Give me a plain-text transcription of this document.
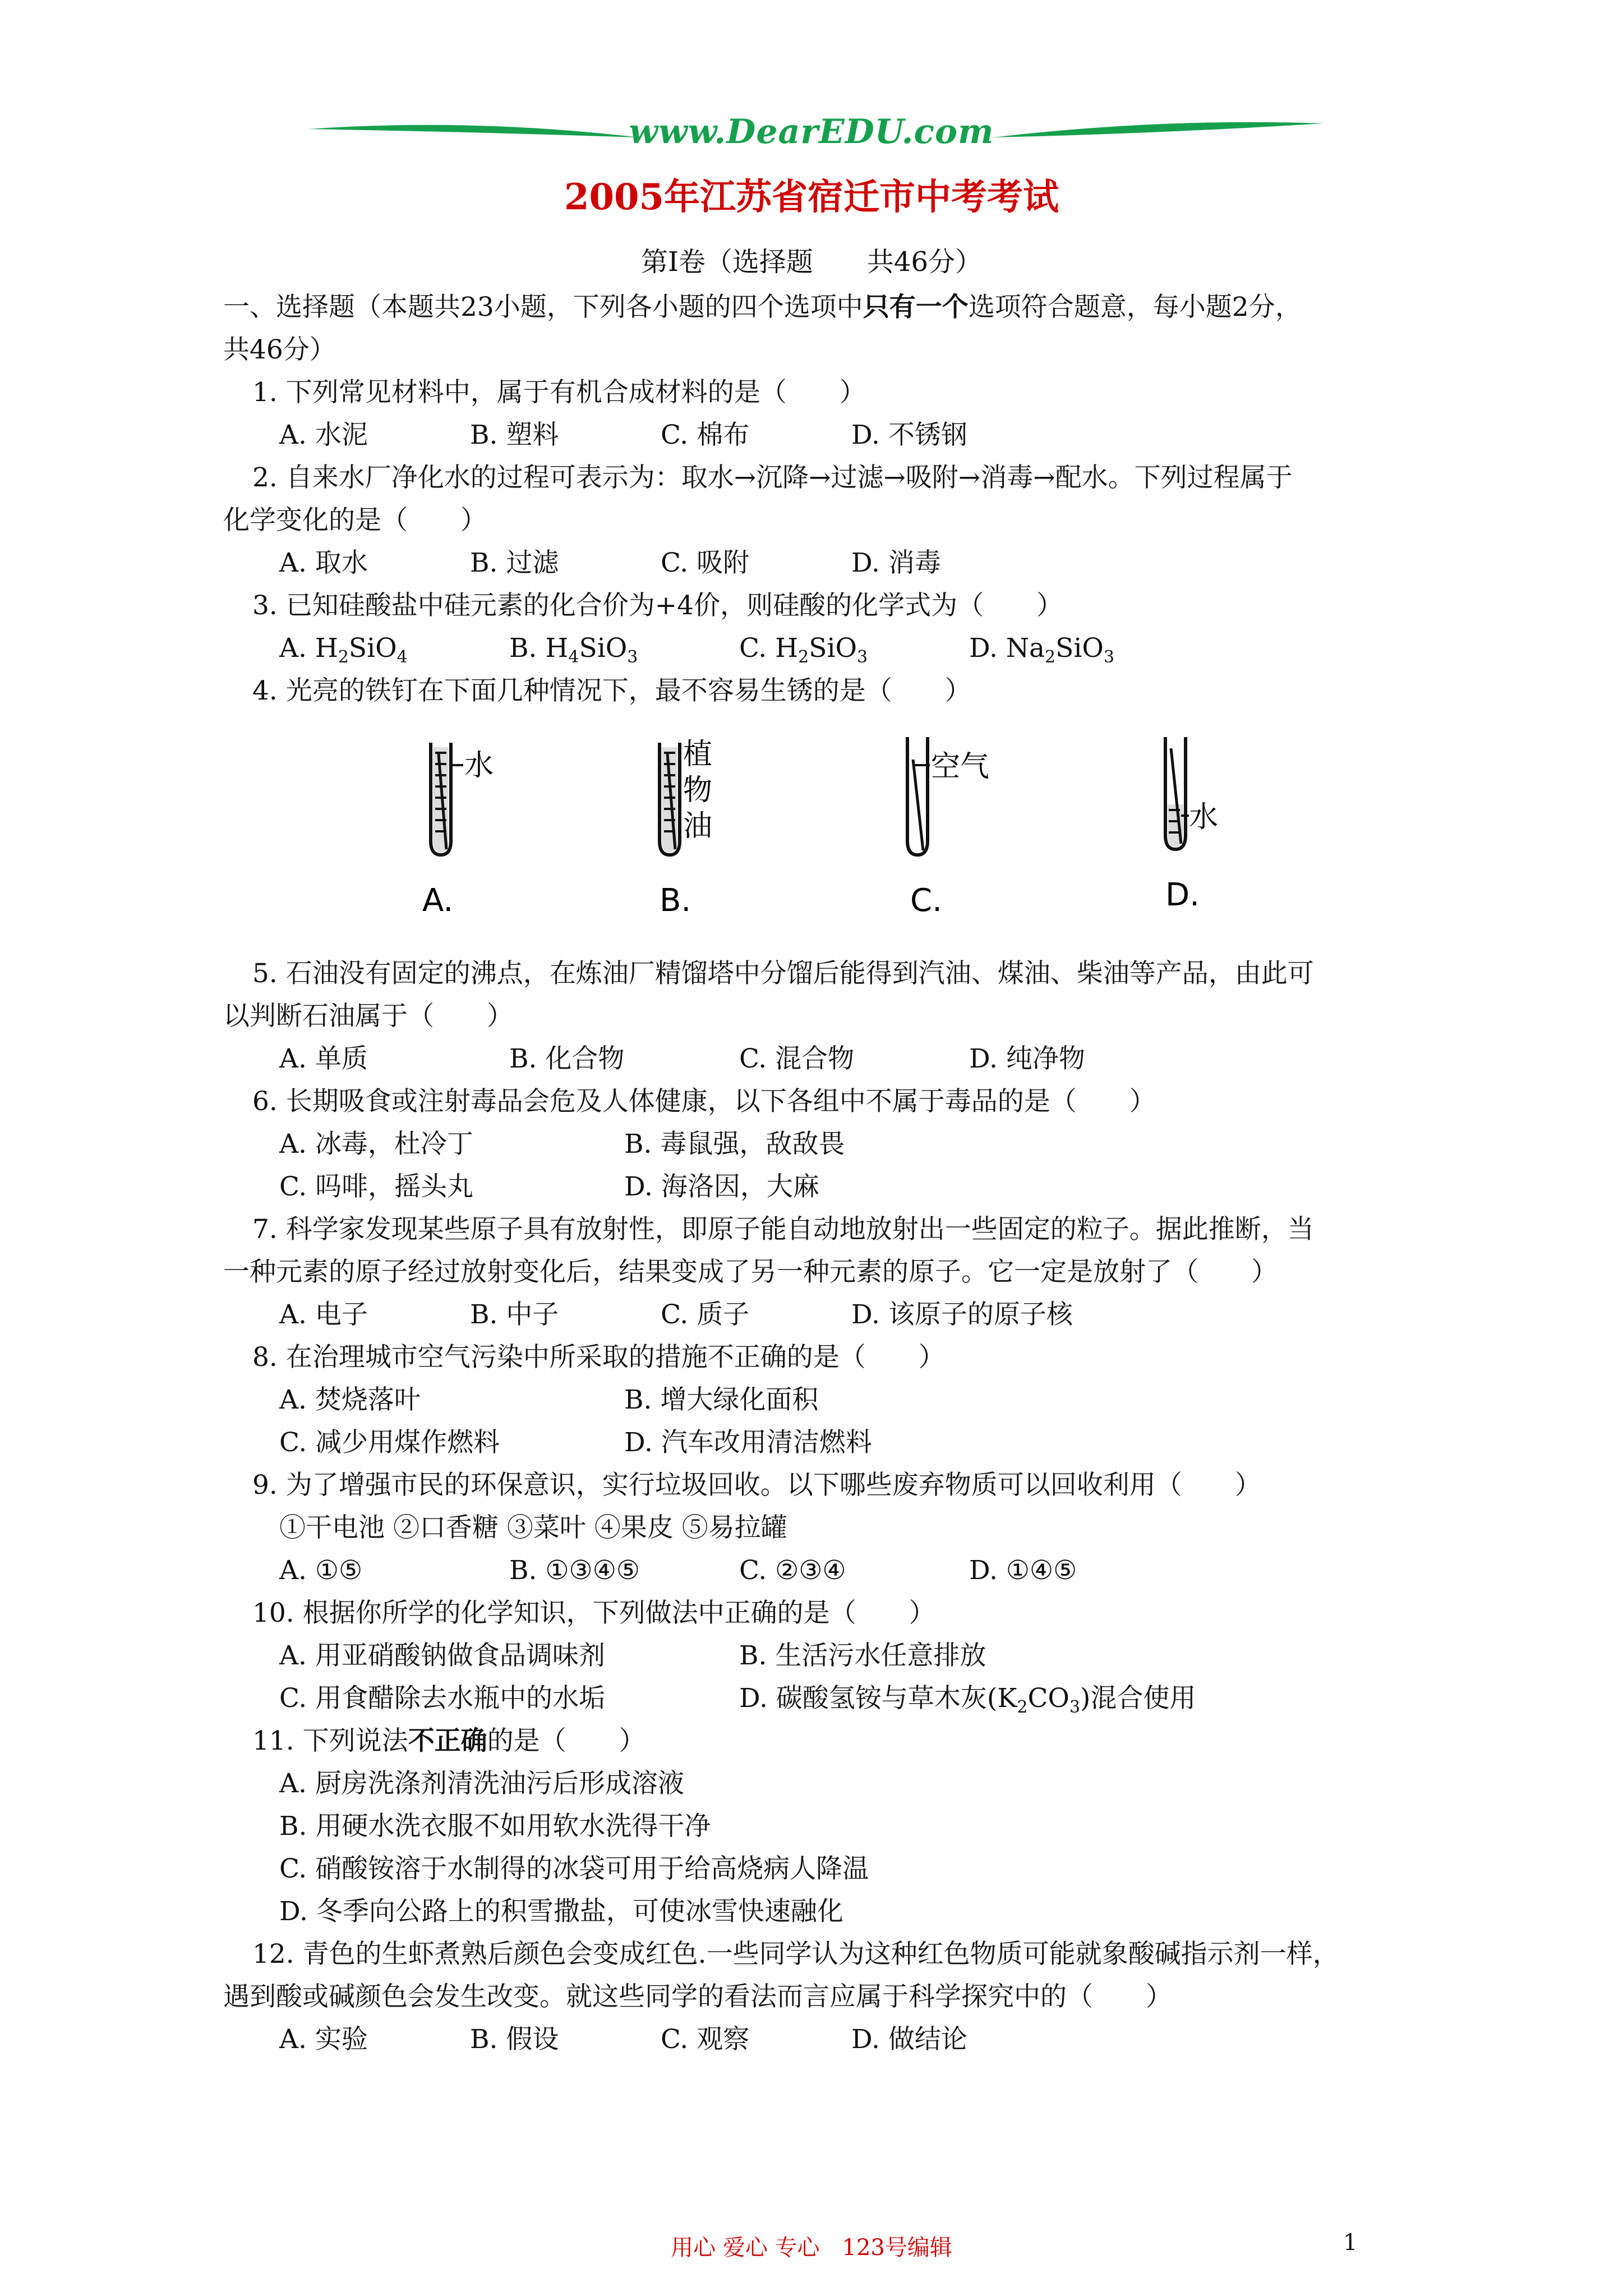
www.DearEDU.com
2005年江苏省宿迁市中考考试
第I卷（选择题　　共46分）
一、选择题（本题共23小题，下列各小题的四个选项中只有一个选项符合题意，每小题2分，
共46分）
1. 下列常见材料中，属于有机合成材料的是（　　）
A. 水泥	B. 塑料	C. 棉布	D. 不锈钢
2. 自来水厂净化水的过程可表示为：取水→沉降→过滤→吸附→消毒→配水。下列过程属于
化学变化的是（　　）
A. 取水	B. 过滤	C. 吸附	D. 消毒
3. 已知硅酸盐中硅元素的化合价为+4价，则硅酸的化学式为（　　）
A. $H_2SiO_4$	B. $H_4SiO_3$	C. $H_2SiO_3$	D. $Na_2SiO_3$
4. 光亮的铁钉在下面几种情况下，最不容易生锈的是（　　）
水
A.
植
物
油
B.
空气
C.
水
D.
5. 石油没有固定的沸点，在炼油厂精馏塔中分馏后能得到汽油、煤油、柴油等产品，由此可
以判断石油属于（　　）
A. 单质	B. 化合物	C. 混合物	D. 纯净物
6. 长期吸食或注射毒品会危及人体健康，以下各组中不属于毒品的是（　　）
A. 冰毒，杜冷丁	B. 毒鼠强，敌敌畏
C. 吗啡，摇头丸	D. 海洛因，大麻
7. 科学家发现某些原子具有放射性，即原子能自动地放射出一些固定的粒子。据此推断，当
一种元素的原子经过放射变化后，结果变成了另一种元素的原子。它一定是放射了（　　）
A. 电子	B. 中子	C. 质子	D. 该原子的原子核
8. 在治理城市空气污染中所采取的措施不正确的是（　　）
A. 焚烧落叶	B. 增大绿化面积
C. 减少用煤作燃料	D. 汽车改用清洁燃料
9. 为了增强市民的环保意识，实行垃圾回收。以下哪些废弃物质可以回收利用（　　）
①干电池 ②口香糖 ③菜叶 ④果皮 ⑤易拉罐
A. ①⑤	B. ①③④⑤	C. ②③④	D. ①④⑤
10. 根据你所学的化学知识，下列做法中正确的是（　　）
A. 用亚硝酸钠做食品调味剂	B. 生活污水任意排放
C. 用食醋除去水瓶中的水垢	D. 碳酸氢铵与草木灰$(K_2CO_3)$混合使用
11. 下列说法不正确的是（　　）
A. 厨房洗涤剂清洗油污后形成溶液
B. 用硬水洗衣服不如用软水洗得干净
C. 硝酸铵溶于水制得的冰袋可用于给高烧病人降温
D. 冬季向公路上的积雪撒盐，可使冰雪快速融化
12. 青色的生虾煮熟后颜色会变成红色.一些同学认为这种红色物质可能就象酸碱指示剂一样，
遇到酸或碱颜色会发生改变。就这些同学的看法而言应属于科学探究中的（　　）
A. 实验	B. 假设	C. 观察	D. 做结论
用心 爱心 专心　123号编辑	1
